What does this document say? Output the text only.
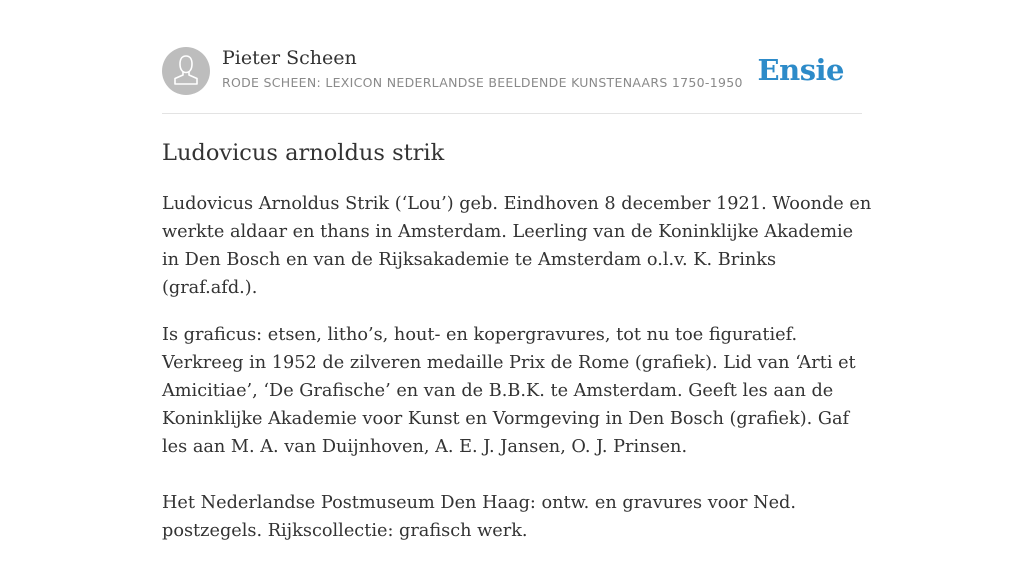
Pieter Scheen
RODE SCHEEN: LEXICON NEDERLANDSE BEELDENDE KUNSTENAARS 1750-1950 Ensie
Ludovicus arnoldus strik

Ludovicus Arnoldus Strik (‘Lou’) geb. Eindhoven 8 december 1921. Woonde en werkte aldaar en thans in Amsterdam. Leerling van de Koninklijke Akademie in Den Bosch en van de Rijksakademie te Amsterdam o.l.v. K. Brinks (graf.afd.).

Is graficus: etsen, litho’s, hout- en kopergravures, tot nu toe figuratief. Verkreeg in 1952 de zilveren medaille Prix de Rome (grafiek). Lid van ‘Arti et Amicitiae’, ‘De Grafische’ en van de B.B.K. te Amsterdam. Geeft les aan de Koninklijke Akademie voor Kunst en Vormgeving in Den Bosch (grafiek). Gaf les aan M. A. van Duijnhoven, A. E. J. Jansen, O. J. Prinsen.

Het Nederlandse Postmuseum Den Haag: ontw. en gravures voor Ned. postzegels. Rijkscollectie: grafisch werk.
